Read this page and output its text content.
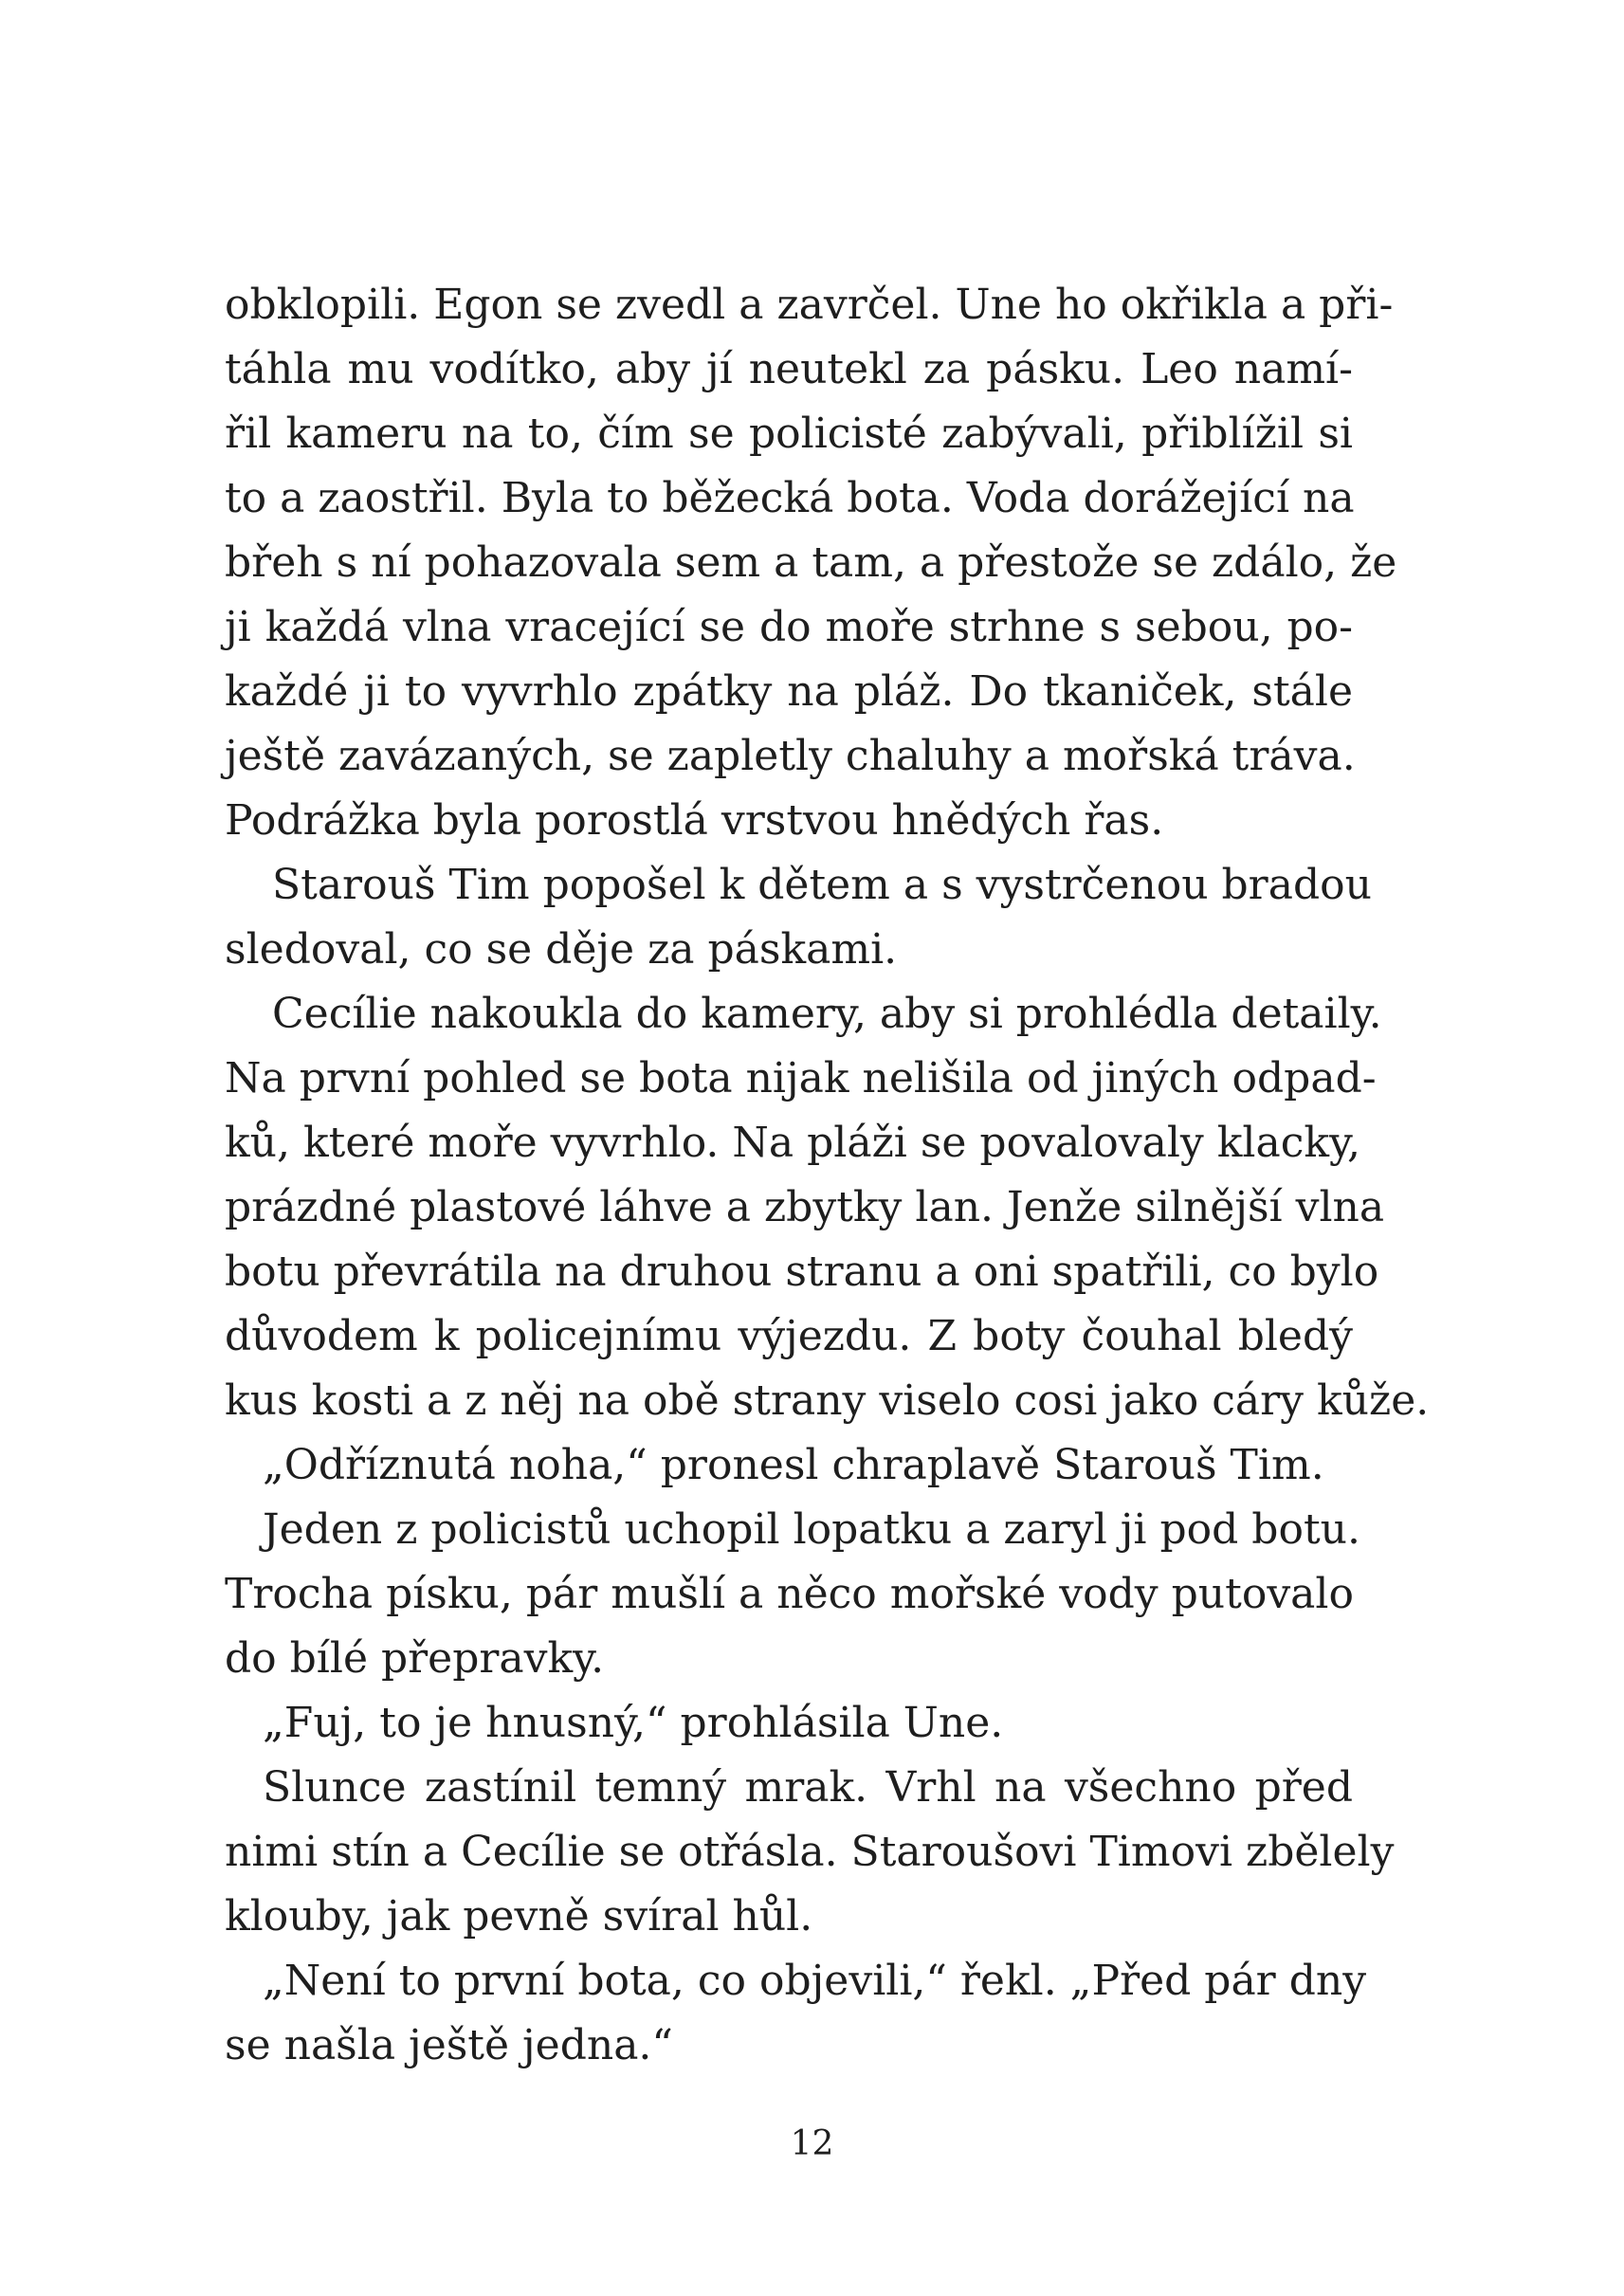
obklopili. Egon se zvedl a zavrčel. Une ho okřikla a při-
táhla mu vodítko, aby jí neutekl za pásku. Leo namí-
řil kameru na to, čím se policisté zabývali, přiblížil si
to a zaostřil. Byla to běžecká bota. Voda dorážející na
břeh s ní pohazovala sem a tam, a přestože se zdálo, že
ji každá vlna vracející se do moře strhne s sebou, po-
každé ji to vyvrhlo zpátky na pláž. Do tkaniček, stále
ještě zavázaných, se zapletly chaluhy a mořská tráva.
Podrážka byla porostlá vrstvou hnědých řas.
Starouš Tim popošel k dětem a s vystrčenou bradou
sledoval, co se děje za páskami.
Cecílie nakoukla do kamery, aby si prohlédla detaily.
Na první pohled se bota nijak nelišila od jiných odpad-
ků, které moře vyvrhlo. Na pláži se povalovaly klacky,
prázdné plastové láhve a zbytky lan. Jenže silnější vlna
botu převrátila na druhou stranu a oni spatřili, co bylo
důvodem k policejnímu výjezdu. Z boty čouhal bledý
kus kosti a z něj na obě strany viselo cosi jako cáry kůže.
„Odříznutá noha,“ pronesl chraplavě Starouš Tim.
Jeden z policistů uchopil lopatku a zaryl ji pod botu.
Trocha písku, pár mušlí a něco mořské vody putovalo
do bílé přepravky.
„Fuj, to je hnusný,“ prohlásila Une.
Slunce zastínil temný mrak. Vrhl na všechno před
nimi stín a Cecílie se otřásla. Staroušovi Timovi zbělely
klouby, jak pevně svíral hůl.
„Není to první bota, co objevili,“ řekl. „Před pár dny
se našla ještě jedna.“
12
